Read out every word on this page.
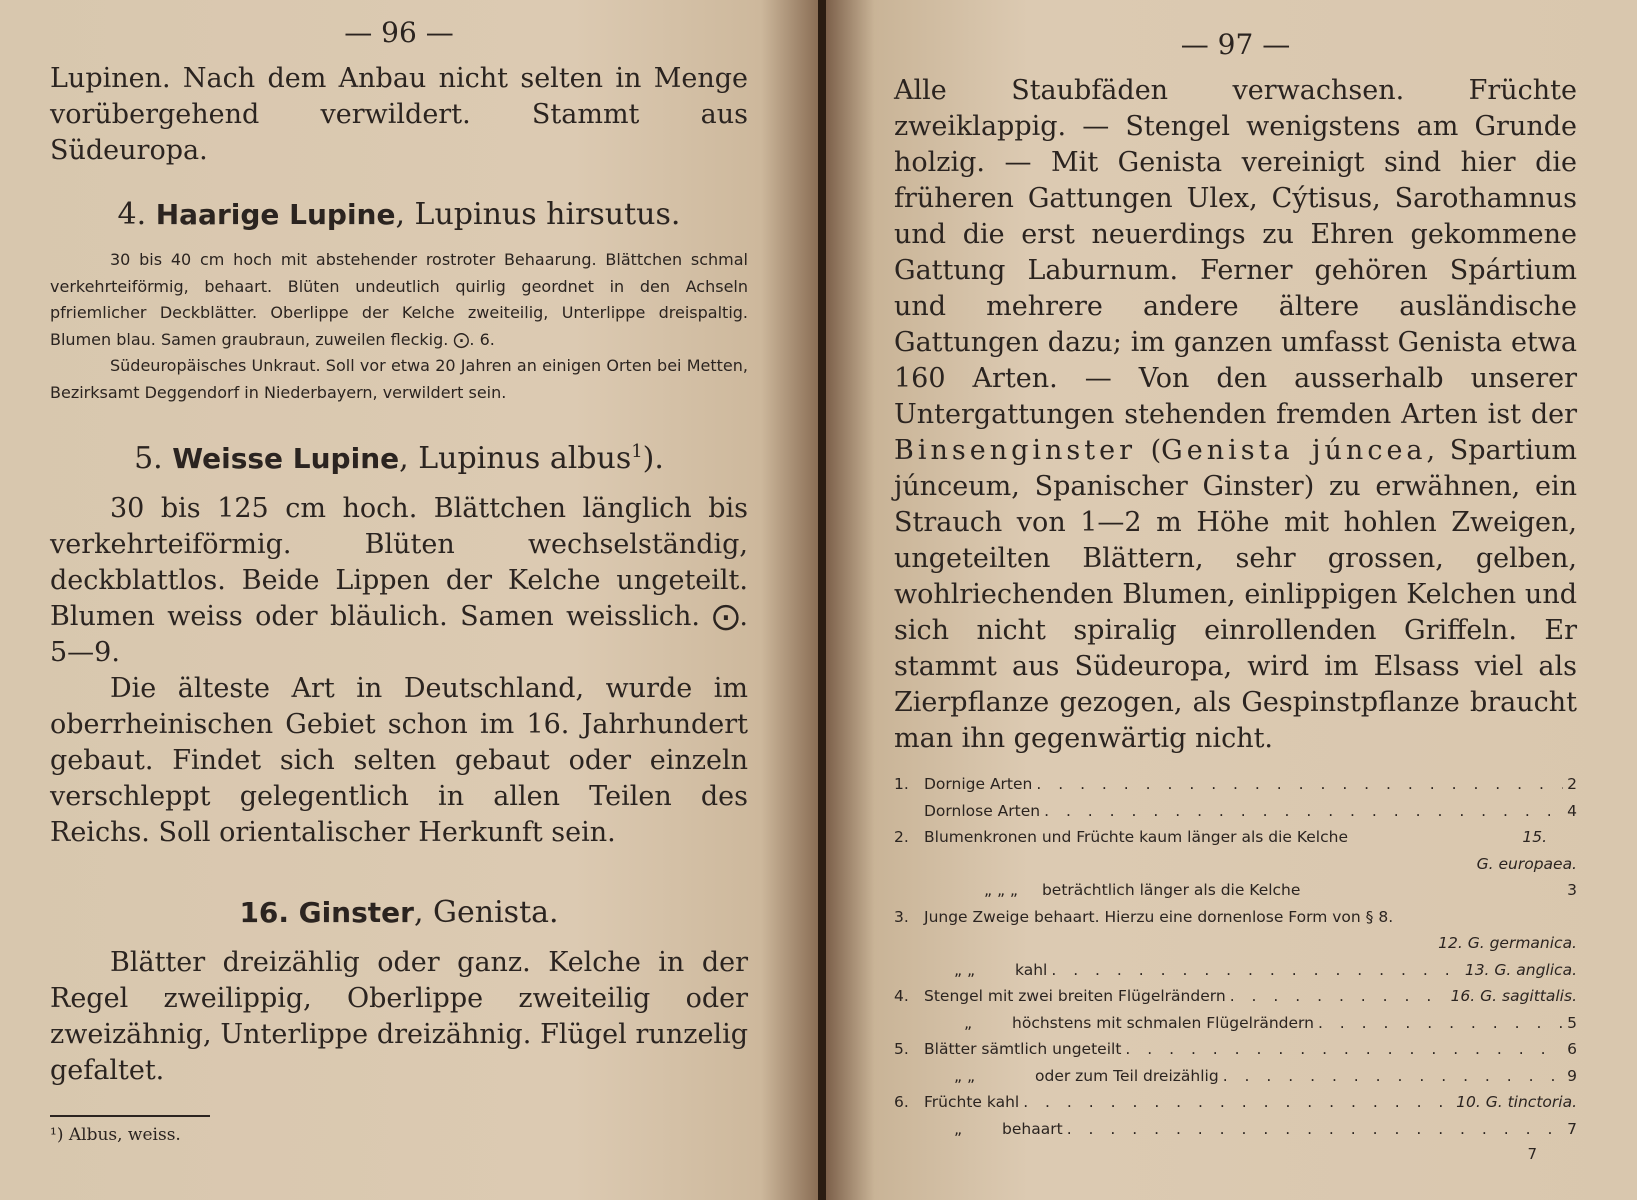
— 96 —

Lupinen. Nach dem Anbau nicht selten in Menge vorübergehend verwildert. Stammt aus Südeuropa.

4. Haarige Lupine, Lupinus hirsutus.

30 bis 40 cm hoch mit abstehender rostroter Behaarung. Blättchen schmal verkehrteiförmig, behaart. Blüten undeutlich quirlig geordnet in den Achseln pfriemlicher Deckblätter. Oberlippe der Kelche zweiteilig, Unterlippe dreispaltig. Blumen blau. Samen graubraun, zuweilen fleckig. ⨀. 6.

Südeuropäisches Unkraut. Soll vor etwa 20 Jahren an einigen Orten bei Metten, Bezirksamt Deggendorf in Niederbayern, verwildert sein.

5. Weisse Lupine, Lupinus albus$^1$).

30 bis 125 cm hoch. Blättchen länglich bis verkehrteiförmig. Blüten wechselständig, deckblattlos. Beide Lippen der Kelche ungeteilt. Blumen weiss oder bläulich. Samen weisslich. ⨀. 5—9.

Die älteste Art in Deutschland, wurde im oberrheinischen Gebiet schon im 16. Jahrhundert gebaut. Findet sich selten gebaut oder einzeln verschleppt gelegentlich in allen Teilen des Reichs. Soll orientalischer Herkunft sein.

16. Ginster, Genista.

Blätter dreizählig oder ganz. Kelche in der Regel zweilippig, Oberlippe zweiteilig oder zweizähnig, Unterlippe dreizähnig. Flügel runzelig gefaltet.

¹) Albus, weiss.

— 97 —

Alle Staubfäden verwachsen. Früchte zweiklappig. — Stengel wenigstens am Grunde holzig. — Mit Genista vereinigt sind hier die früheren Gattungen Ulex, Cýtisus, Sarothamnus und die erst neuerdings zu Ehren gekommene Gattung Laburnum. Ferner gehören Spártium und mehrere andere ältere ausländische Gattungen dazu; im ganzen umfasst Genista etwa 160 Arten. — Von den ausserhalb unserer Untergattungen stehenden fremden Arten ist der Binsenginster (Genista júncea, Spartium júnceum, Spanischer Ginster) zu erwähnen, ein Strauch von 1—2 m Höhe mit hohlen Zweigen, ungeteilten Blättern, sehr grossen, gelben, wohlriechenden Blumen, einlippigen Kelchen und sich nicht spiralig einrollenden Griffeln. Er stammt aus Südeuropa, wird im Elsass viel als Zierpflanze gezogen, als Gespinstpflanze braucht man ihn gegenwärtig nicht.

1. Dornige Arten . . .	2
Dornlose Arten . . .	4
2. Blumenkronen und Früchte kaum länger als die Kelche	15.
G. europaea.
„ „ „	beträchtlich länger als die Kelche	3
3. Junge Zweige behaart. Hierzu eine dornenlose Form von § 8.
12. G. germanica.
„ „	kahl . . .	13. G. anglica.
4. Stengel mit zwei breiten Flügelrändern . . .	16. G. sagittalis.
„	höchstens mit schmalen Flügelrändern . . .	5
5. Blätter sämtlich ungeteilt . . .	6
„ „	oder zum Teil dreizählig . . .	9
6. Früchte kahl . . .	10. G. tinctoria.
„	behaart . . .	7
7
